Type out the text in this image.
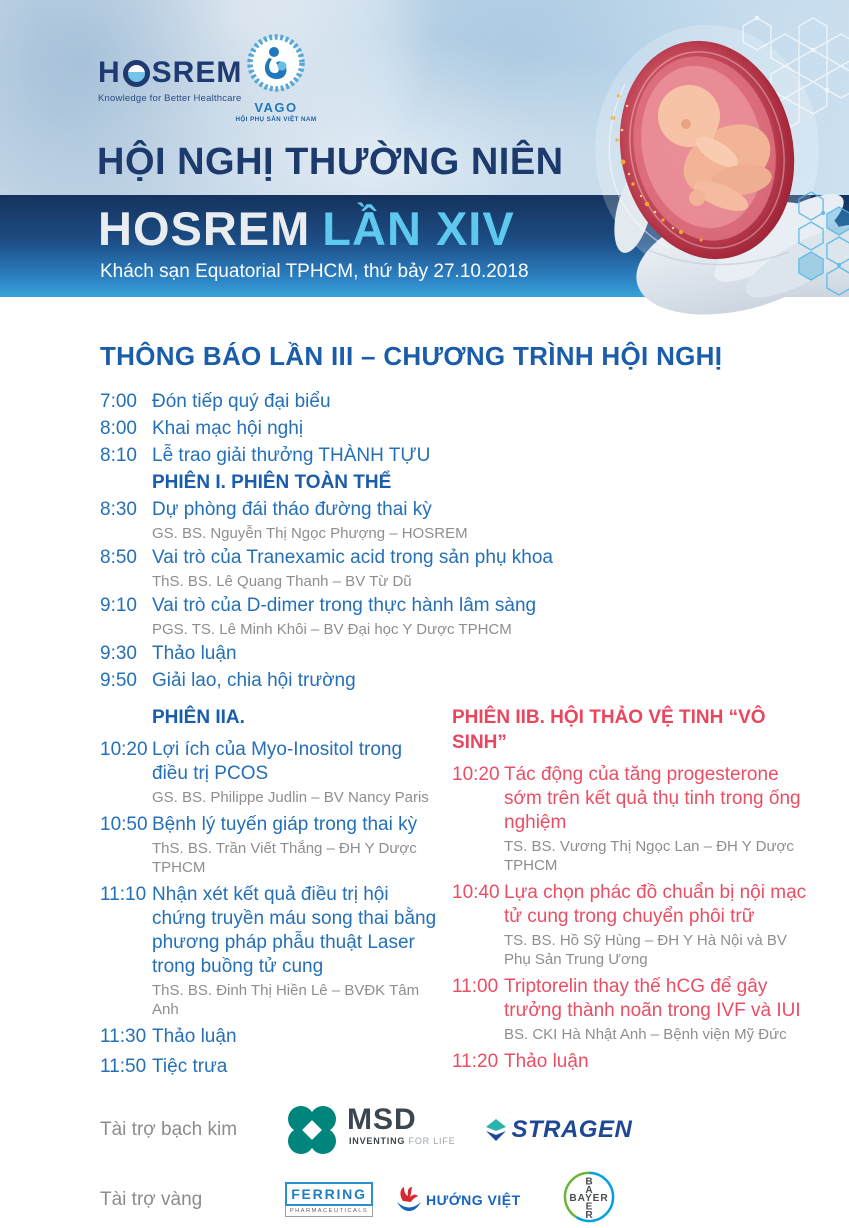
H SREM
Knowledge for Better Healthcare
VAGO
HỘI PHỤ SẢN VIỆT NAM
HỘI NGHỊ THƯỜNG NIÊN
HOSREM LẦN XIV
Khách sạn Equatorial TPHCM, thứ bảy 27.10.2018
THÔNG BÁO LẦN III – CHƯƠNG TRÌNH HỘI NGHỊ
7:00 Đón tiếp quý đại biểu
8:00 Khai mạc hội nghị
8:10 Lễ trao giải thưởng THÀNH TỰU
PHIÊN I. PHIÊN TOÀN THỂ
8:30 Dự phòng đái tháo đường thai kỳ
GS. BS. Nguyễn Thị Ngọc Phượng – HOSREM
8:50 Vai trò của Tranexamic acid trong sản phụ khoa
ThS. BS. Lê Quang Thanh – BV Từ Dũ
9:10 Vai trò của D-dimer trong thực hành lâm sàng
PGS. TS. Lê Minh Khôi – BV Đại học Y Dược TPHCM
9:30 Thảo luận
9:50 Giải lao, chia hội trường
PHIÊN IIA.
10:20 Lợi ích của Myo-Inositol trong điều trị PCOS
GS. BS. Philippe Judlin – BV Nancy Paris
10:50 Bệnh lý tuyến giáp trong thai kỳ
ThS. BS. Trần Viết Thắng – ĐH Y Dược TPHCM
11:10 Nhận xét kết quả điều trị hội chứng truyền máu song thai bằng phương pháp phẫu thuật Laser trong buồng tử cung
ThS. BS. Đinh Thị Hiền Lê – BVĐK Tâm Anh
11:30 Thảo luận
11:50 Tiệc trưa
PHIÊN IIB. HỘI THẢO VỆ TINH “VÔ SINH”
10:20 Tác động của tăng progesterone sớm trên kết quả thụ tinh trong ống nghiệm
TS. BS. Vương Thị Ngọc Lan – ĐH Y Dược TPHCM
10:40 Lựa chọn phác đồ chuẩn bị nội mạc tử cung trong chuyển phôi trữ
TS. BS. Hồ Sỹ Hùng – ĐH Y Hà Nội và BV Phụ Sản Trung Ương
11:00 Triptorelin thay thế hCG để gây trưởng thành noãn trong IVF và IUI
BS. CKI Hà Nhật Anh – Bệnh viện Mỹ Đức
11:20 Thảo luận
Tài trợ bạch kim	MSD
INVENTING FOR LIFE STRAGEN
Tài trợ vàng	FERRING
PHARMACEUTICALS
HƯỚNG VIỆT	BAYER
B
A
E
R
